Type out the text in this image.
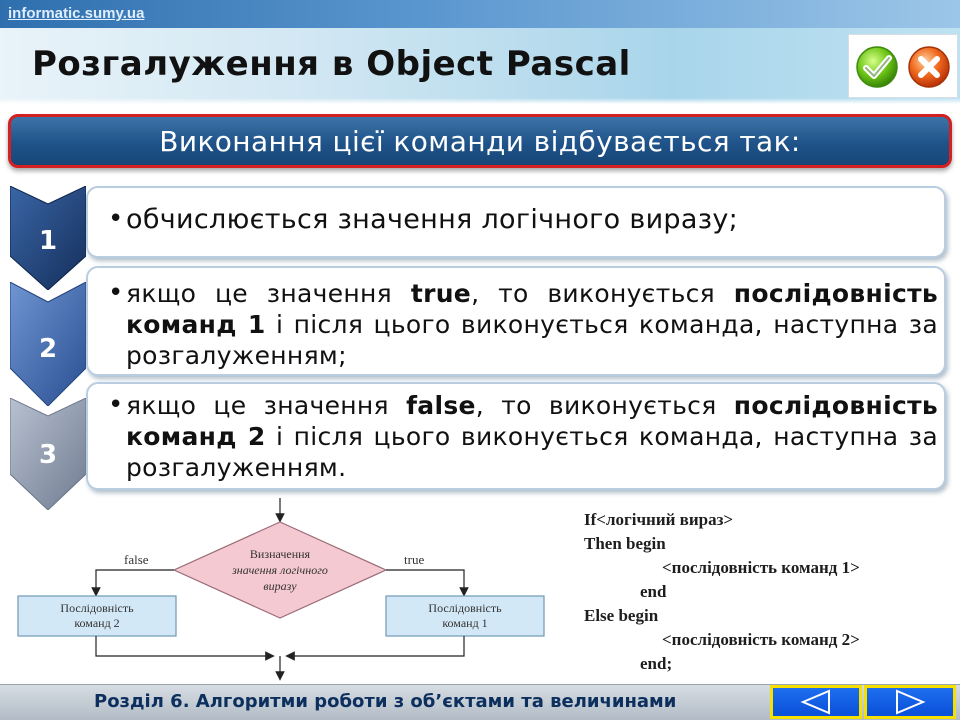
informatic.sumy.ua
Розгалуження в Object Pascal
Виконання цієї команди відбувається так:
• обчислюється значення логічного виразу;
• якщо це значення true, то виконується послідовність команд 1 і після цього виконується команда, наступна за розгалуженням;
• якщо це значення false, то виконується послідовність команд 2 і після цього виконується команда, наступна за розгалуженням.
1
2
3
Визначення
значення логічного
виразу
false	true
Послідовність
команд 2
Послідовність
команд 1
If<логічний вираз>
Then begin
<послідовність команд 1>
end
Else begin
<послідовність команд 2>
end;
Розділ 6. Алгоритми роботи з об’єктами та величинами
